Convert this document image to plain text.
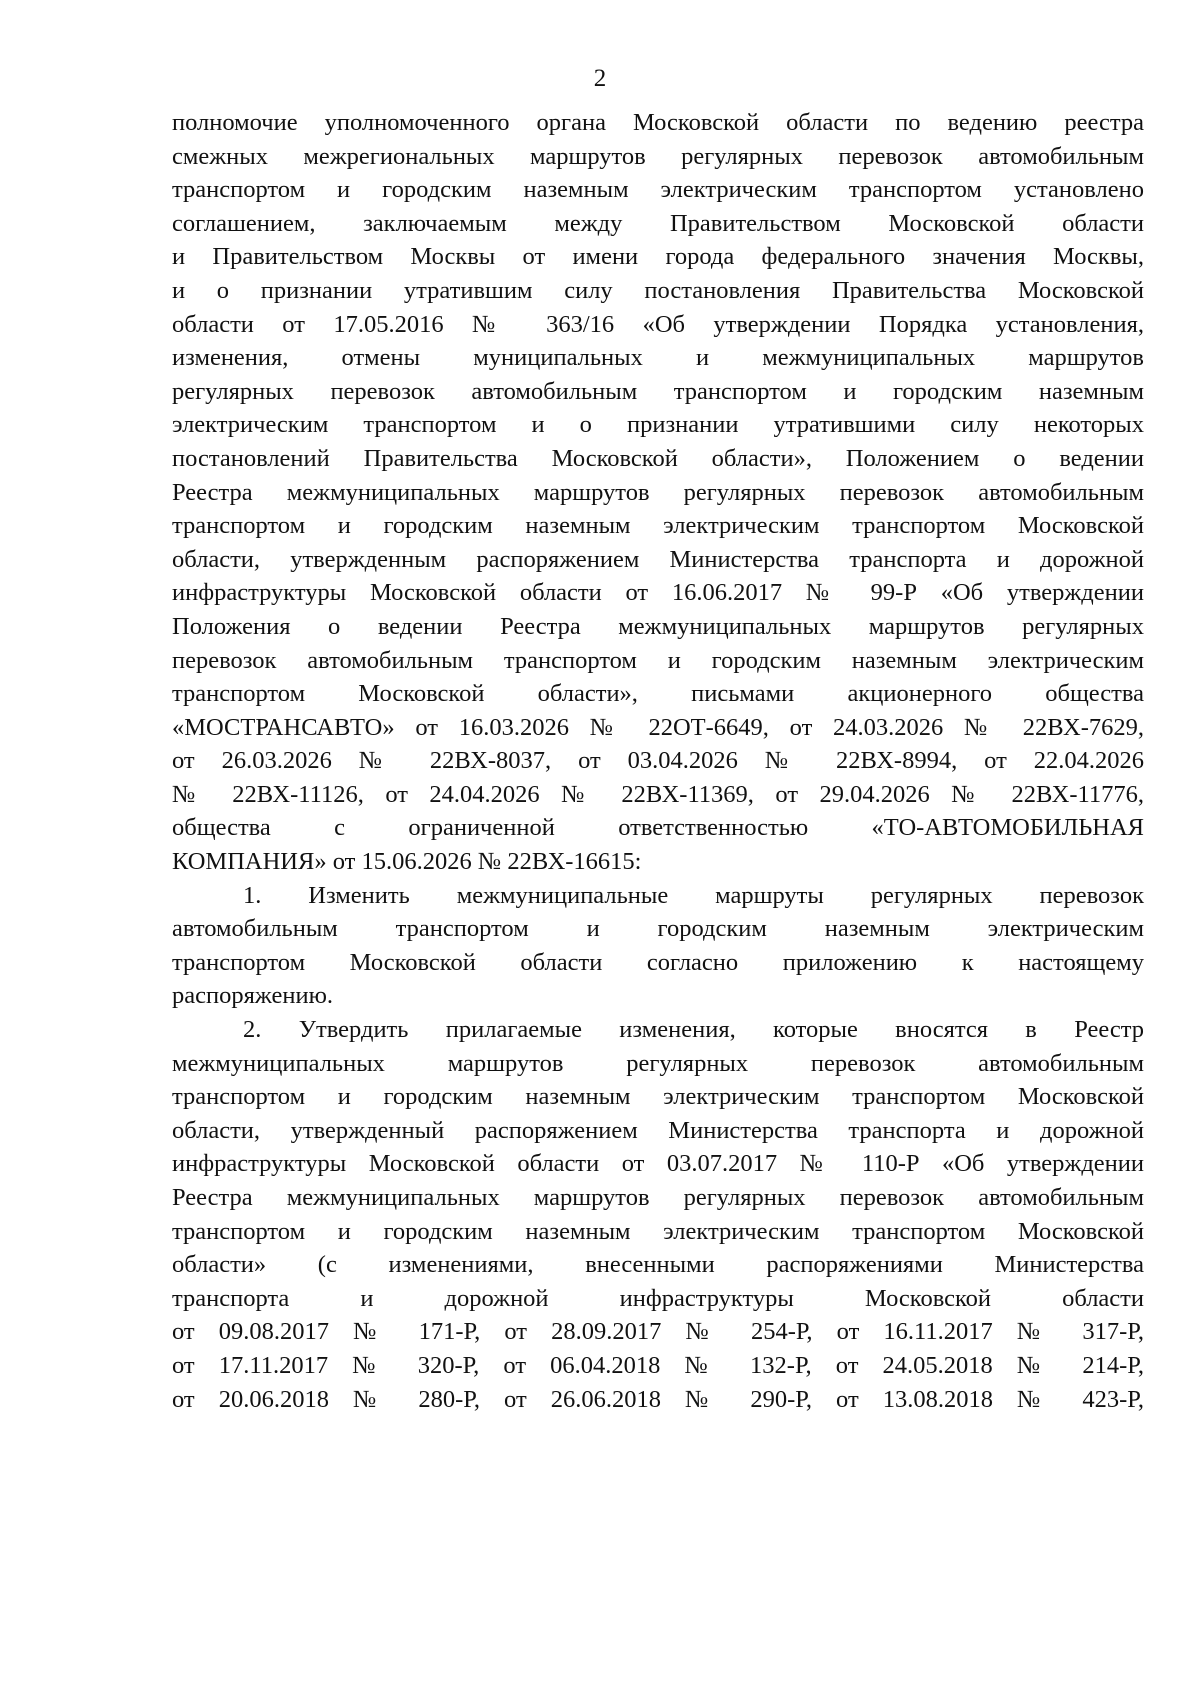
2
полномочие уполномоченного органа Московской области по ведению реестра
смежных межрегиональных маршрутов регулярных перевозок автомобильным
транспортом и городским наземным электрическим транспортом установлено
соглашением, заключаемым между Правительством Московской области
и Правительством Москвы от имени города федерального значения Москвы,
и о признании утратившим силу постановления Правительства Московской
области от 17.05.2016 № 363/16 «Об утверждении Порядка установления,
изменения, отмены муниципальных и межмуниципальных маршрутов
регулярных перевозок автомобильным транспортом и городским наземным
электрическим транспортом и о признании утратившими силу некоторых
постановлений Правительства Московской области», Положением о ведении
Реестра межмуниципальных маршрутов регулярных перевозок автомобильным
транспортом и городским наземным электрическим транспортом Московской
области, утвержденным распоряжением Министерства транспорта и дорожной
инфраструктуры Московской области от 16.06.2017 № 99-Р «Об утверждении
Положения о ведении Реестра межмуниципальных маршрутов регулярных
перевозок автомобильным транспортом и городским наземным электрическим
транспортом Московской области», письмами акционерного общества
«МОСТРАНСАВТО» от 16.03.2026 № 22ОТ-6649, от 24.03.2026 № 22ВХ-7629,
от 26.03.2026 № 22ВХ-8037, от 03.04.2026 № 22ВХ-8994, от 22.04.2026
№ 22ВХ-11126, от 24.04.2026 № 22ВХ-11369, от 29.04.2026 № 22ВХ-11776,
общества с ограниченной ответственностью «ТО-АВТОМОБИЛЬНАЯ
КОМПАНИЯ» от 15.06.2026 № 22ВХ-16615:
1. Изменить межмуниципальные маршруты регулярных перевозок
автомобильным транспортом и городским наземным электрическим
транспортом Московской области согласно приложению к настоящему
распоряжению.
2. Утвердить прилагаемые изменения, которые вносятся в Реестр
межмуниципальных маршрутов регулярных перевозок автомобильным
транспортом и городским наземным электрическим транспортом Московской
области, утвержденный распоряжением Министерства транспорта и дорожной
инфраструктуры Московской области от 03.07.2017 № 110-Р «Об утверждении
Реестра межмуниципальных маршрутов регулярных перевозок автомобильным
транспортом и городским наземным электрическим транспортом Московской
области» (с изменениями, внесенными распоряжениями Министерства
транспорта и дорожной инфраструктуры Московской области
от 09.08.2017 № 171-Р, от 28.09.2017 № 254-Р, от 16.11.2017 № 317-Р,
от 17.11.2017 № 320-Р, от 06.04.2018 № 132-Р, от 24.05.2018 № 214-Р,
от 20.06.2018 № 280-Р, от 26.06.2018 № 290-Р, от 13.08.2018 № 423-Р,
